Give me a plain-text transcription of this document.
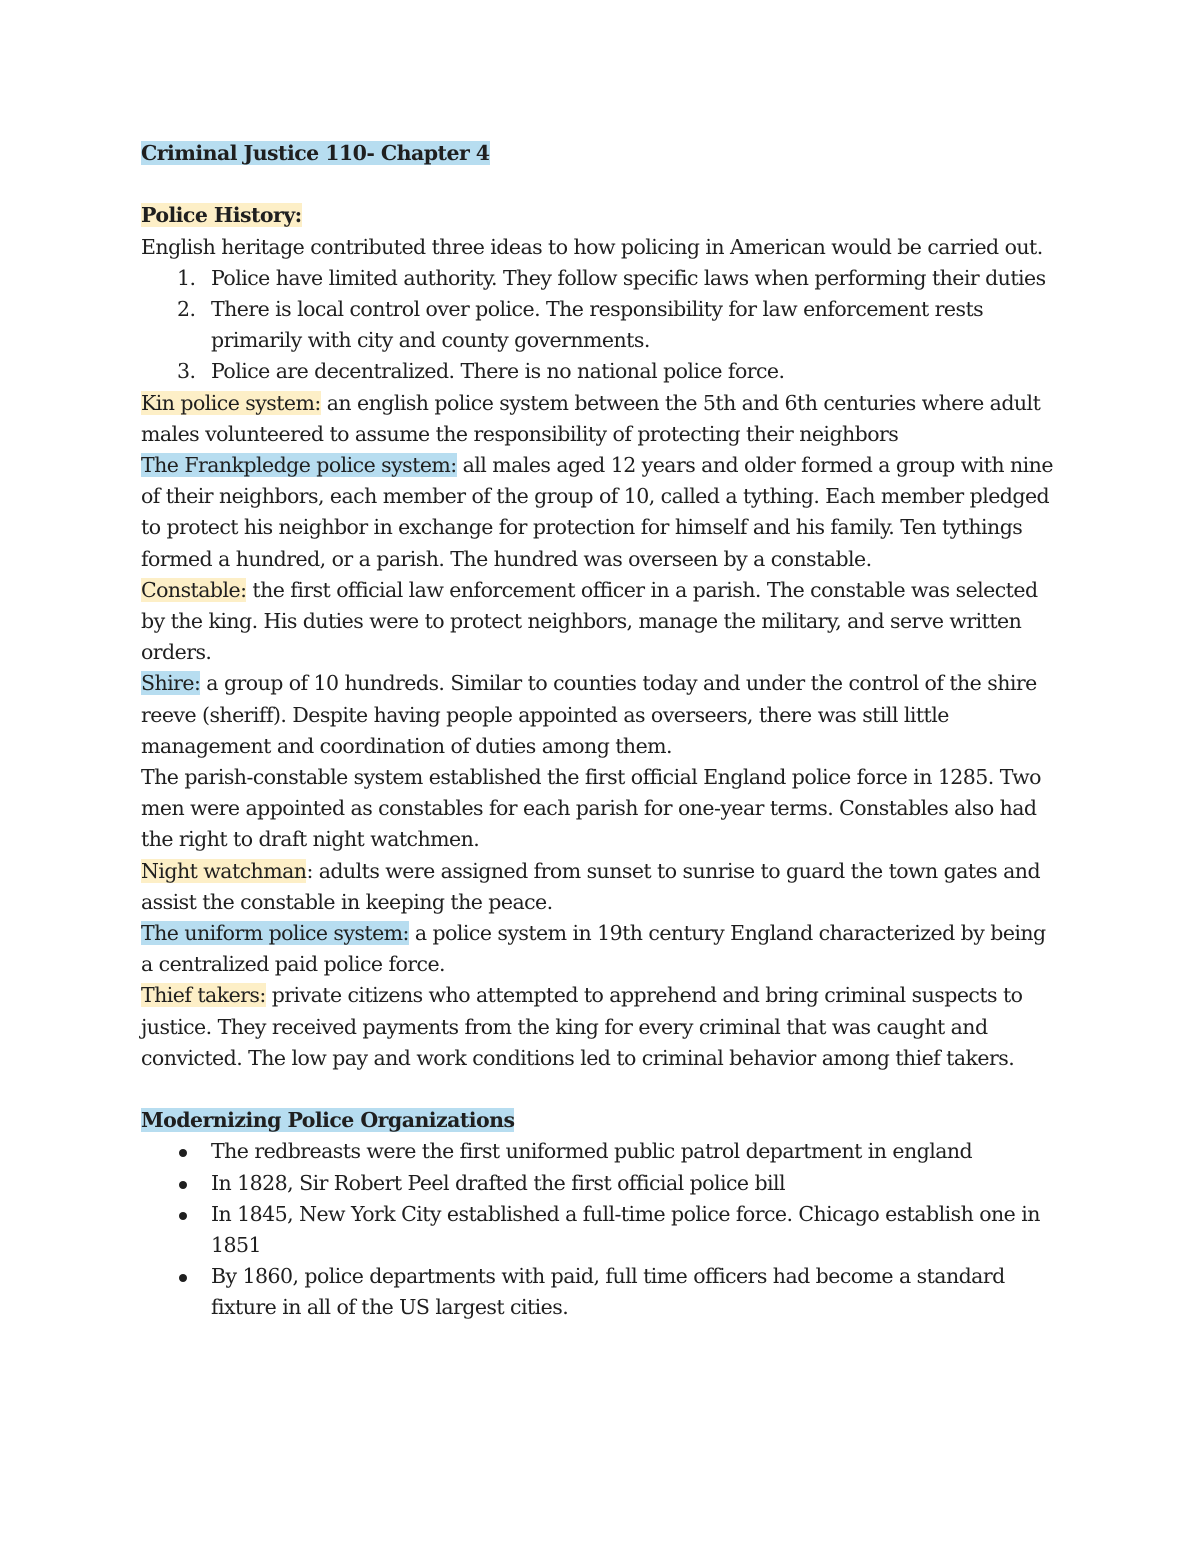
Criminal Justice 110- Chapter 4

Police History:

English heritage contributed three ideas to how policing in American would be carried out.

1. Police have limited authority. They follow specific laws when performing their duties
2. There is local control over police. The responsibility for law enforcement rests primarily with city and county governments.
3. Police are decentralized. There is no national police force.

Kin police system: an english police system between the 5th and 6th centuries where adult males volunteered to assume the responsibility of protecting their neighbors

The Frankpledge police system: all males aged 12 years and older formed a group with nine of their neighbors, each member of the group of 10, called a tything. Each member pledged to protect his neighbor in exchange for protection for himself and his family. Ten tythings formed a hundred, or a parish. The hundred was overseen by a constable.

Constable: the first official law enforcement officer in a parish. The constable was selected by the king. His duties were to protect neighbors, manage the military, and serve written orders.

Shire: a group of 10 hundreds. Similar to counties today and under the control of the shire reeve (sheriff). Despite having people appointed as overseers, there was still little management and coordination of duties among them.

The parish-constable system established the first official England police force in 1285. Two men were appointed as constables for each parish for one-year terms. Constables also had the right to draft night watchmen.

Night watchman: adults were assigned from sunset to sunrise to guard the town gates and assist the constable in keeping the peace.

The uniform police system: a police system in 19th century England characterized by being a centralized paid police force.

Thief takers: private citizens who attempted to apprehend and bring criminal suspects to justice. They received payments from the king for every criminal that was caught and convicted. The low pay and work conditions led to criminal behavior among thief takers.

Modernizing Police Organizations

The redbreasts were the first uniformed public patrol department in england
In 1828, Sir Robert Peel drafted the first official police bill
In 1845, New York City established a full-time police force. Chicago establish one in 1851
By 1860, police departments with paid, full time officers had become a standard fixture in all of the US largest cities.
